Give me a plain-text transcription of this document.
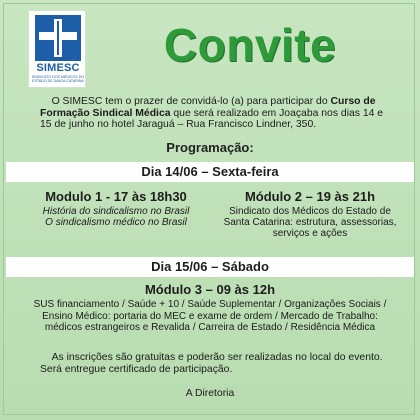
SIMESC
SINDICATO DOS MÉDICOS DO ESTADO DE SANTA CATARINA
Convite
O SIMESC tem o prazer de convidá-lo (a) para participar do Curso de Formação Sindical Médica que será realizado em Joaçaba nos dias 14 e 15 de junho no hotel Jaraguá – Rua Francisco Lindner, 350.
Programação:
Dia 14/06 – Sexta-feira
Modulo 1 - 17 às 18h30
História do sindicalismo no Brasil
O sindicalismo médico no Brasil
Módulo 2 – 19 às 21h
Sindicato dos Médicos do Estado de
Santa Catarina: estrutura, assessorias,
serviços e ações
Dia 15/06 – Sábado
Módulo 3 – 09 às 12h
SUS financiamento / Saúde + 10 / Saúde Suplementar / Organizações Sociais /
Ensino Médico: portaria do MEC e exame de ordem / Mercado de Trabalho:
médicos estrangeiros e Revalida / Carreira de Estado / Residência Médica
As inscrições são gratuitas e poderão ser realizadas no local do evento. Será entregue certificado de participação.
A Diretoria
